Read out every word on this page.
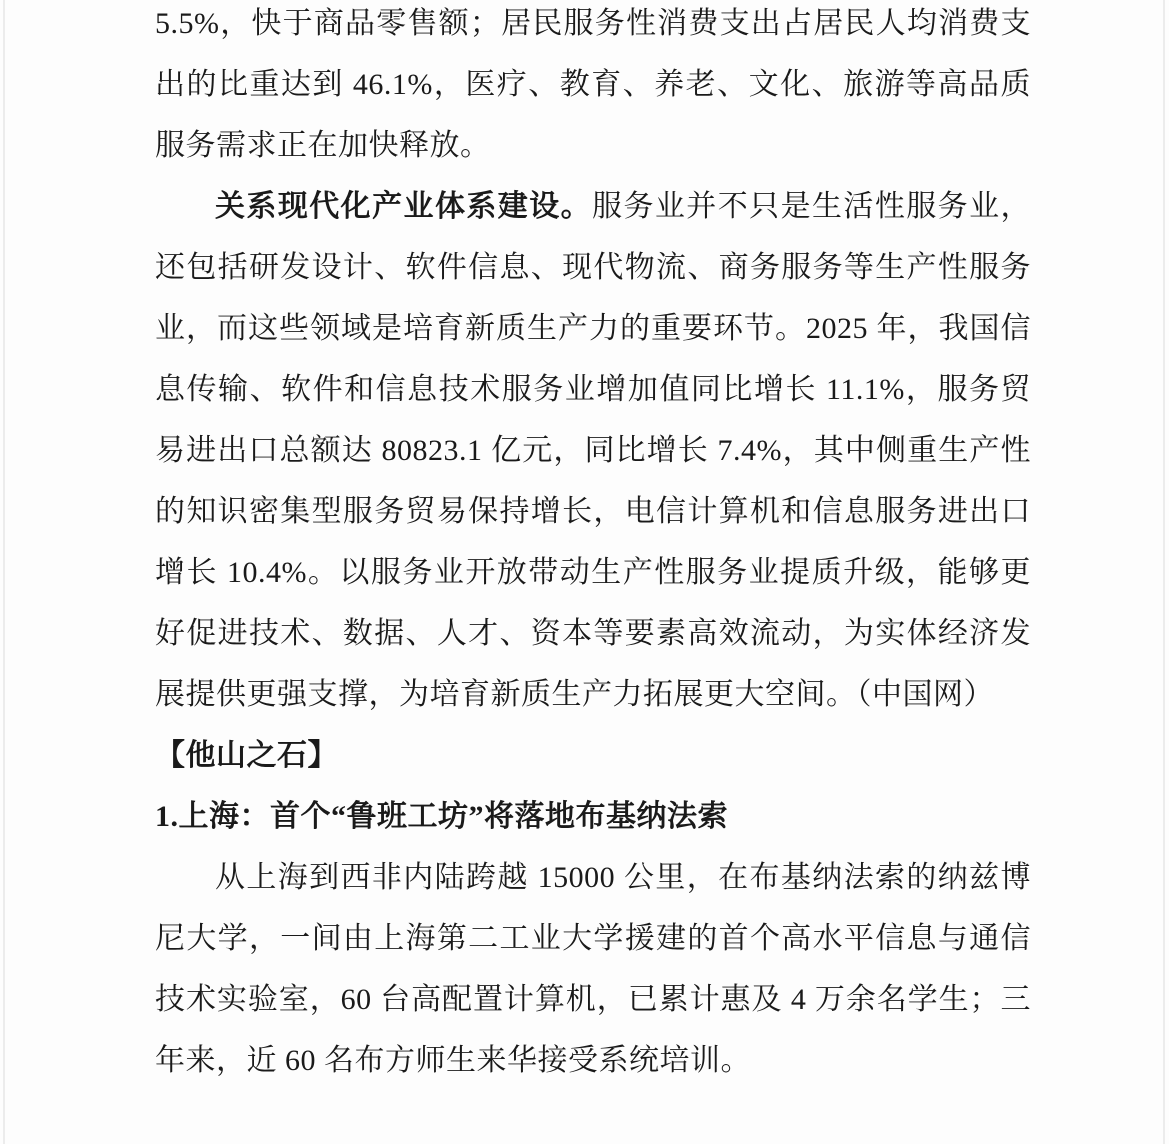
5.5%，快于商品零售额；居民服务性消费支出占居民人均消费支出的比重达到 46.1%，医疗、教育、养老、文化、旅游等高品质服务需求正在加快释放。

关系现代化产业体系建设。服务业并不只是生活性服务业，还包括研发设计、软件信息、现代物流、商务服务等生产性服务业，而这些领域是培育新质生产力的重要环节。2025 年，我国信息传输、软件和信息技术服务业增加值同比增长 11.1%，服务贸易进出口总额达 80823.1 亿元，同比增长 7.4%，其中侧重生产性的知识密集型服务贸易保持增长，电信计算机和信息服务进出口增长 10.4%。以服务业开放带动生产性服务业提质升级，能够更好促进技术、数据、人才、资本等要素高效流动，为实体经济发展提供更强支撑，为培育新质生产力拓展更大空间。（中国网）

【他山之石】

1.上海：首个“鲁班工坊”将落地布基纳法索

从上海到西非内陆跨越 15000 公里，在布基纳法索的纳兹博尼大学，一间由上海第二工业大学援建的首个高水平信息与通信技术实验室，60 台高配置计算机，已累计惠及 4 万余名学生；三年来，近 60 名布方师生来华接受系统培训。
